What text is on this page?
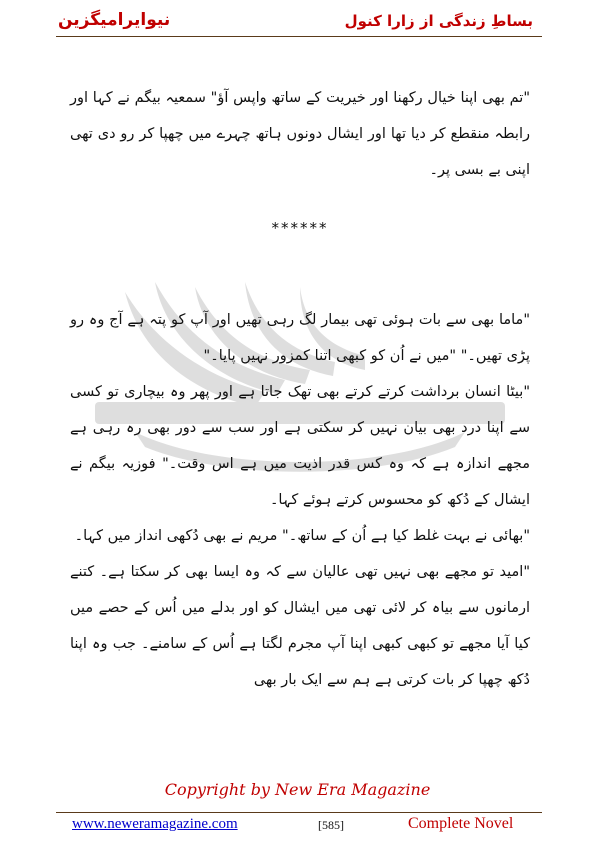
نیوایرامیگزین	بساطِ زندگی از زارا کنول

"تم بھی اپنا خیال رکھنا اور خیریت کے ساتھ واپس آؤ" سمعیہ بیگم نے کہا اور رابطہ منقطع کر دیا تھا اور ایشال دونوں ہاتھ چہرے میں چھپا کر رو دی تھی اپنی بے بسی پر۔

******

"ماما بھی سے بات ہوئی تھی بیمار لگ رہی تھیں اور آپ کو پتہ ہے آج وہ رو پڑی تھیں۔" "میں نے اُن کو کبھی اتنا کمزور نہیں پایا۔"

"بیٹا انسان برداشت کرتے کرتے بھی تھک جاتا ہے اور پھر وہ بیچاری تو کسی سے اپنا درد بھی بیان نہیں کر سکتی ہے اور سب سے دور بھی رہ رہی ہے مجھے اندازہ ہے کہ وہ کس قدر اذیت میں ہے اس وقت۔" فوزیہ بیگم نے ایشال کے دُکھ کو محسوس کرتے ہوئے کہا۔

"بھائی نے بہت غلط کیا ہے اُن کے ساتھ۔" مریم نے بھی دُکھی انداز میں کہا۔

"امید تو مجھے بھی نہیں تھی عالیان سے کہ وہ ایسا بھی کر سکتا ہے۔ کتنے ارمانوں سے بیاہ کر لائی تھی میں ایشال کو اور بدلے میں اُس کے حصے میں کیا آیا مجھے تو کبھی کبھی اپنا آپ مجرم لگتا ہے اُس کے سامنے۔ جب وہ اپنا دُکھ چھپا کر بات کرتی ہے ہم سے ایک بار بھی

Copyright by New Era Magazine
www.neweramagazine.com	[585]	Complete Novel
